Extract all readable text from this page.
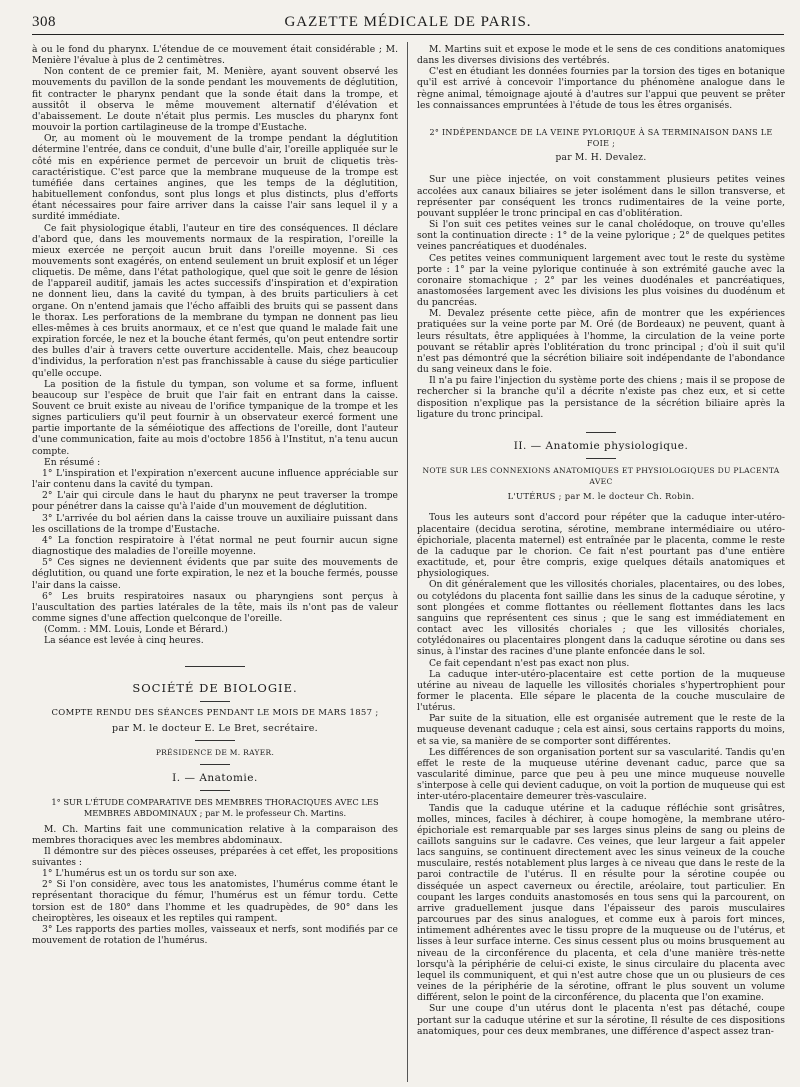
308	GAZETTE MÉDICALE DE PARIS.

à ou le fond du pharynx. L'étendue de ce mouvement était considérable ; M. Menière l'évalue à plus de 2 centimètres.

Non content de ce premier fait, M. Menière, ayant souvent observé les mouvements du pavillon de la sonde pendant les mouvements de déglutition, fit contracter le pharynx pendant que la sonde était dans la trompe, et aussitôt il observa le même mouvement alternatif d'élévation et d'abaissement. Le doute n'était plus permis. Les muscles du pharynx font mouvoir la portion cartilagineuse de la trompe d'Eustache.

Or, au moment où le mouvement de la trompe pendant la déglutition détermine l'entrée, dans ce conduit, d'une bulle d'air, l'oreille appliquée sur le côté mis en expérience permet de percevoir un bruit de cliquetis très-caractéristique. C'est parce que la membrane muqueuse de la trompe est tuméfiée dans certaines angines, que les temps de la déglutition, habituellement confondus, sont plus longs et plus distincts, plus d'efforts étant nécessaires pour faire arriver dans la caisse l'air sans lequel il y a surdité immédiate.

Ce fait physiologique établi, l'auteur en tire des conséquences. Il déclare d'abord que, dans les mouvements normaux de la respiration, l'oreille la mieux exercée ne perçoit aucun bruit dans l'oreille moyenne. Si ces mouvements sont exagérés, on entend seulement un bruit explosif et un léger cliquetis. De même, dans l'état pathologique, quel que soit le genre de lésion de l'appareil auditif, jamais les actes successifs d'inspiration et d'expiration ne donnent lieu, dans la cavité du tympan, à des bruits particuliers à cet organe. On n'entend jamais que l'écho affaibli des bruits qui se passent dans le thorax. Les perforations de la membrane du tympan ne donnent pas lieu elles-mêmes à ces bruits anormaux, et ce n'est que quand le malade fait une expiration forcée, le nez et la bouche étant fermés, qu'on peut entendre sortir des bulles d'air à travers cette ouverture accidentelle. Mais, chez beaucoup d'individus, la perforation n'est pas franchissable à cause du siége particulier qu'elle occupe.

La position de la fistule du tympan, son volume et sa forme, influent beaucoup sur l'espèce de bruit que l'air fait en entrant dans la caisse. Souvent ce bruit existe au niveau de l'orifice tympanique de la trompe et les signes particuliers qu'il peut fournir à un observateur exercé forment une partie importante de la séméiotique des affections de l'oreille, dont l'auteur d'une communication, faite au mois d'octobre 1856 à l'Institut, n'a tenu aucun compte.

En résumé :

1° L'inspiration et l'expiration n'exercent aucune influence appréciable sur l'air contenu dans la cavité du tympan.

2° L'air qui circule dans le haut du pharynx ne peut traverser la trompe pour pénétrer dans la caisse qu'à l'aide d'un mouvement de déglutition.

3° L'arrivée du bol aérien dans la caisse trouve un auxiliaire puissant dans les oscillations de la trompe d'Eustache.

4° La fonction respiratoire à l'état normal ne peut fournir aucun signe diagnostique des maladies de l'oreille moyenne.

5° Ces signes ne deviennent évidents que par suite des mouvements de déglutition, ou quand une forte expiration, le nez et la bouche fermés, pousse l'air dans la caisse.

6° Les bruits respiratoires nasaux ou pharyngiens sont perçus à l'auscultation des parties latérales de la tête, mais ils n'ont pas de valeur comme signes d'une affection quelconque de l'oreille.

(Comm. : MM. Louis, Londe et Bérard.)

La séance est levée à cinq heures.

SOCIÉTÉ DE BIOLOGIE.
COMPTE RENDU DES SÉANCES PENDANT LE MOIS DE MARS 1857 ;
par M. le docteur E. Le Bret, secrétaire.
PRÉSIDENCE DE M. RAYER.
I. — Anatomie.

1° SUR L'ÉTUDE COMPARATIVE DES MEMBRES THORACIQUES AVEC LES MEMBRES ABDOMINAUX ; par M. le professeur Ch. Martins.

M. Ch. Martins fait une communication relative à la comparaison des membres thoraciques avec les membres abdominaux.

Il démontre sur des pièces osseuses, préparées à cet effet, les propositions suivantes :

1° L'humérus est un os tordu sur son axe.

2° Si l'on considère, avec tous les anatomistes, l'humérus comme étant le représentant thoracique du fémur, l'humérus est un fémur tordu. Cette torsion est de 180° dans l'homme et les quadrupèdes, de 90° dans les cheiroptères, les oiseaux et les reptiles qui rampent.

3° Les rapports des parties molles, vaisseaux et nerfs, sont modifiés par ce mouvement de rotation de l'humérus.

M. Martins suit et expose le mode et le sens de ces conditions anatomiques dans les diverses divisions des vertébrés.

C'est en étudiant les données fournies par la torsion des tiges en botanique qu'il est arrivé à concevoir l'importance du phénomène analogue dans le règne animal, témoignage ajouté à d'autres sur l'appui que peuvent se prêter les connaissances empruntées à l'étude de tous les êtres organisés.

2° INDÉPENDANCE DE LA VEINE PYLORIQUE À SA TERMINAISON DANS LE FOIE ;
par M. H. Devalez.

Sur une pièce injectée, on voit constamment plusieurs petites veines accolées aux canaux biliaires se jeter isolément dans le sillon transverse, et représenter par conséquent les troncs rudimentaires de la veine porte, pouvant suppléer le tronc principal en cas d'oblitération.

Si l'on suit ces petites veines sur le canal cholédoque, on trouve qu'elles sont la continuation directe : 1° de la veine pylorique ; 2° de quelques petites veines pancréatiques et duodénales.

Ces petites veines communiquent largement avec tout le reste du système porte : 1° par la veine pylorique continuée à son extrémité gauche avec la coronaire stomachique ; 2° par les veines duodénales et pancréatiques, anastomosées largement avec les divisions les plus voisines du duodénum et du pancréas.

M. Devalez présente cette pièce, afin de montrer que les expériences pratiquées sur la veine porte par M. Oré (de Bordeaux) ne peuvent, quant à leurs résultats, être appliquées à l'homme, la circulation de la veine porte pouvant se rétablir après l'oblitération du tronc principal ; d'où il suit qu'il n'est pas démontré que la sécrétion biliaire soit indépendante de l'abondance du sang veineux dans le foie.

Il n'a pu faire l'injection du système porte des chiens ; mais il se propose de rechercher si la branche qu'il a décrite n'existe pas chez eux, et si cette disposition n'explique pas la persistance de la sécrétion biliaire après la ligature du tronc principal.

II. — Anatomie physiologique.
NOTE SUR LES CONNEXIONS ANATOMIQUES ET PHYSIOLOGIQUES DU PLACENTA AVEC
L'UTÉRUS ; par M. le docteur Ch. Robin.

Tous les auteurs sont d'accord pour répéter que la caduque inter-utéro-placentaire (decidua serotina, sérotine, membrane intermédiaire ou utéro-épichoriale, placenta maternel) est entraînée par le placenta, comme le reste de la caduque par le chorion. Ce fait n'est pourtant pas d'une entière exactitude, et, pour être compris, exige quelques détails anatomiques et physiologiques.

On dit généralement que les villosités choriales, placentaires, ou des lobes, ou cotylédons du placenta font saillie dans les sinus de la caduque sérotine, y sont plongées et comme flottantes ou réellement flottantes dans les lacs sanguins que représentent ces sinus ; que le sang est immédiatement en contact avec les villosités choriales ; que les villosités choriales, cotylédonaires ou placentaires plongent dans la caduque sérotine ou dans ses sinus, à l'instar des racines d'une plante enfoncée dans le sol.

Ce fait cependant n'est pas exact non plus.

La caduque inter-utéro-placentaire est cette portion de la muqueuse utérine au niveau de laquelle les villosités choriales s'hypertrophient pour former le placenta. Elle sépare le placenta de la couche musculaire de l'utérus.

Par suite de la situation, elle est organisée autrement que le reste de la muqueuse devenant caduque ; cela est ainsi, sous certains rapports du moins, et sa vie, sa manière de se comporter sont différentes.

Les différences de son organisation portent sur sa vascularité. Tandis qu'en effet le reste de la muqueuse utérine devenant caduc, parce que sa vascularité diminue, parce que peu à peu une mince muqueuse nouvelle s'interpose à celle qui devient caduque, on voit la portion de muqueuse qui est inter-utéro-placentaire demeurer très-vasculaire.

Tandis que la caduque utérine et la caduque réfléchie sont grisâtres, molles, minces, faciles à déchirer, à coupe homogène, la membrane utéro-épichoriale est remarquable par ses larges sinus pleins de sang ou pleins de caillots sanguins sur le cadavre. Ces veines, que leur largeur a fait appeler lacs sanguins, se continuent directement avec les sinus veineux de la couche musculaire, restés notablement plus larges à ce niveau que dans le reste de la paroi contractile de l'utérus. Il en résulte pour la sérotine coupée ou disséquée un aspect caverneux ou érectile, aréolaire, tout particulier. En coupant les larges conduits anastomosés en tous sens qui la parcourent, on arrive graduellement jusque dans l'épaisseur des parois musculaires parcourues par des sinus analogues, et comme eux à parois fort minces, intimement adhérentes avec le tissu propre de la muqueuse ou de l'utérus, et lisses à leur surface interne. Ces sinus cessent plus ou moins brusquement au niveau de la circonférence du placenta, et cela d'une manière très-nette lorsqu'à la périphérie de celui-ci existe, le sinus circulaire du placenta avec lequel ils communiquent, et qui n'est autre chose que un ou plusieurs de ces veines de la périphérie de la sérotine, offrant le plus souvent un volume différent, selon le point de la circonférence, du placenta que l'on examine.

Sur une coupe d'un utérus dont le placenta n'est pas détaché, coupe portant sur la caduque utérine et sur la sérotine, Il résulte de ces dispositions anatomiques, pour ces deux membranes, une différence d'aspect assez tran-
